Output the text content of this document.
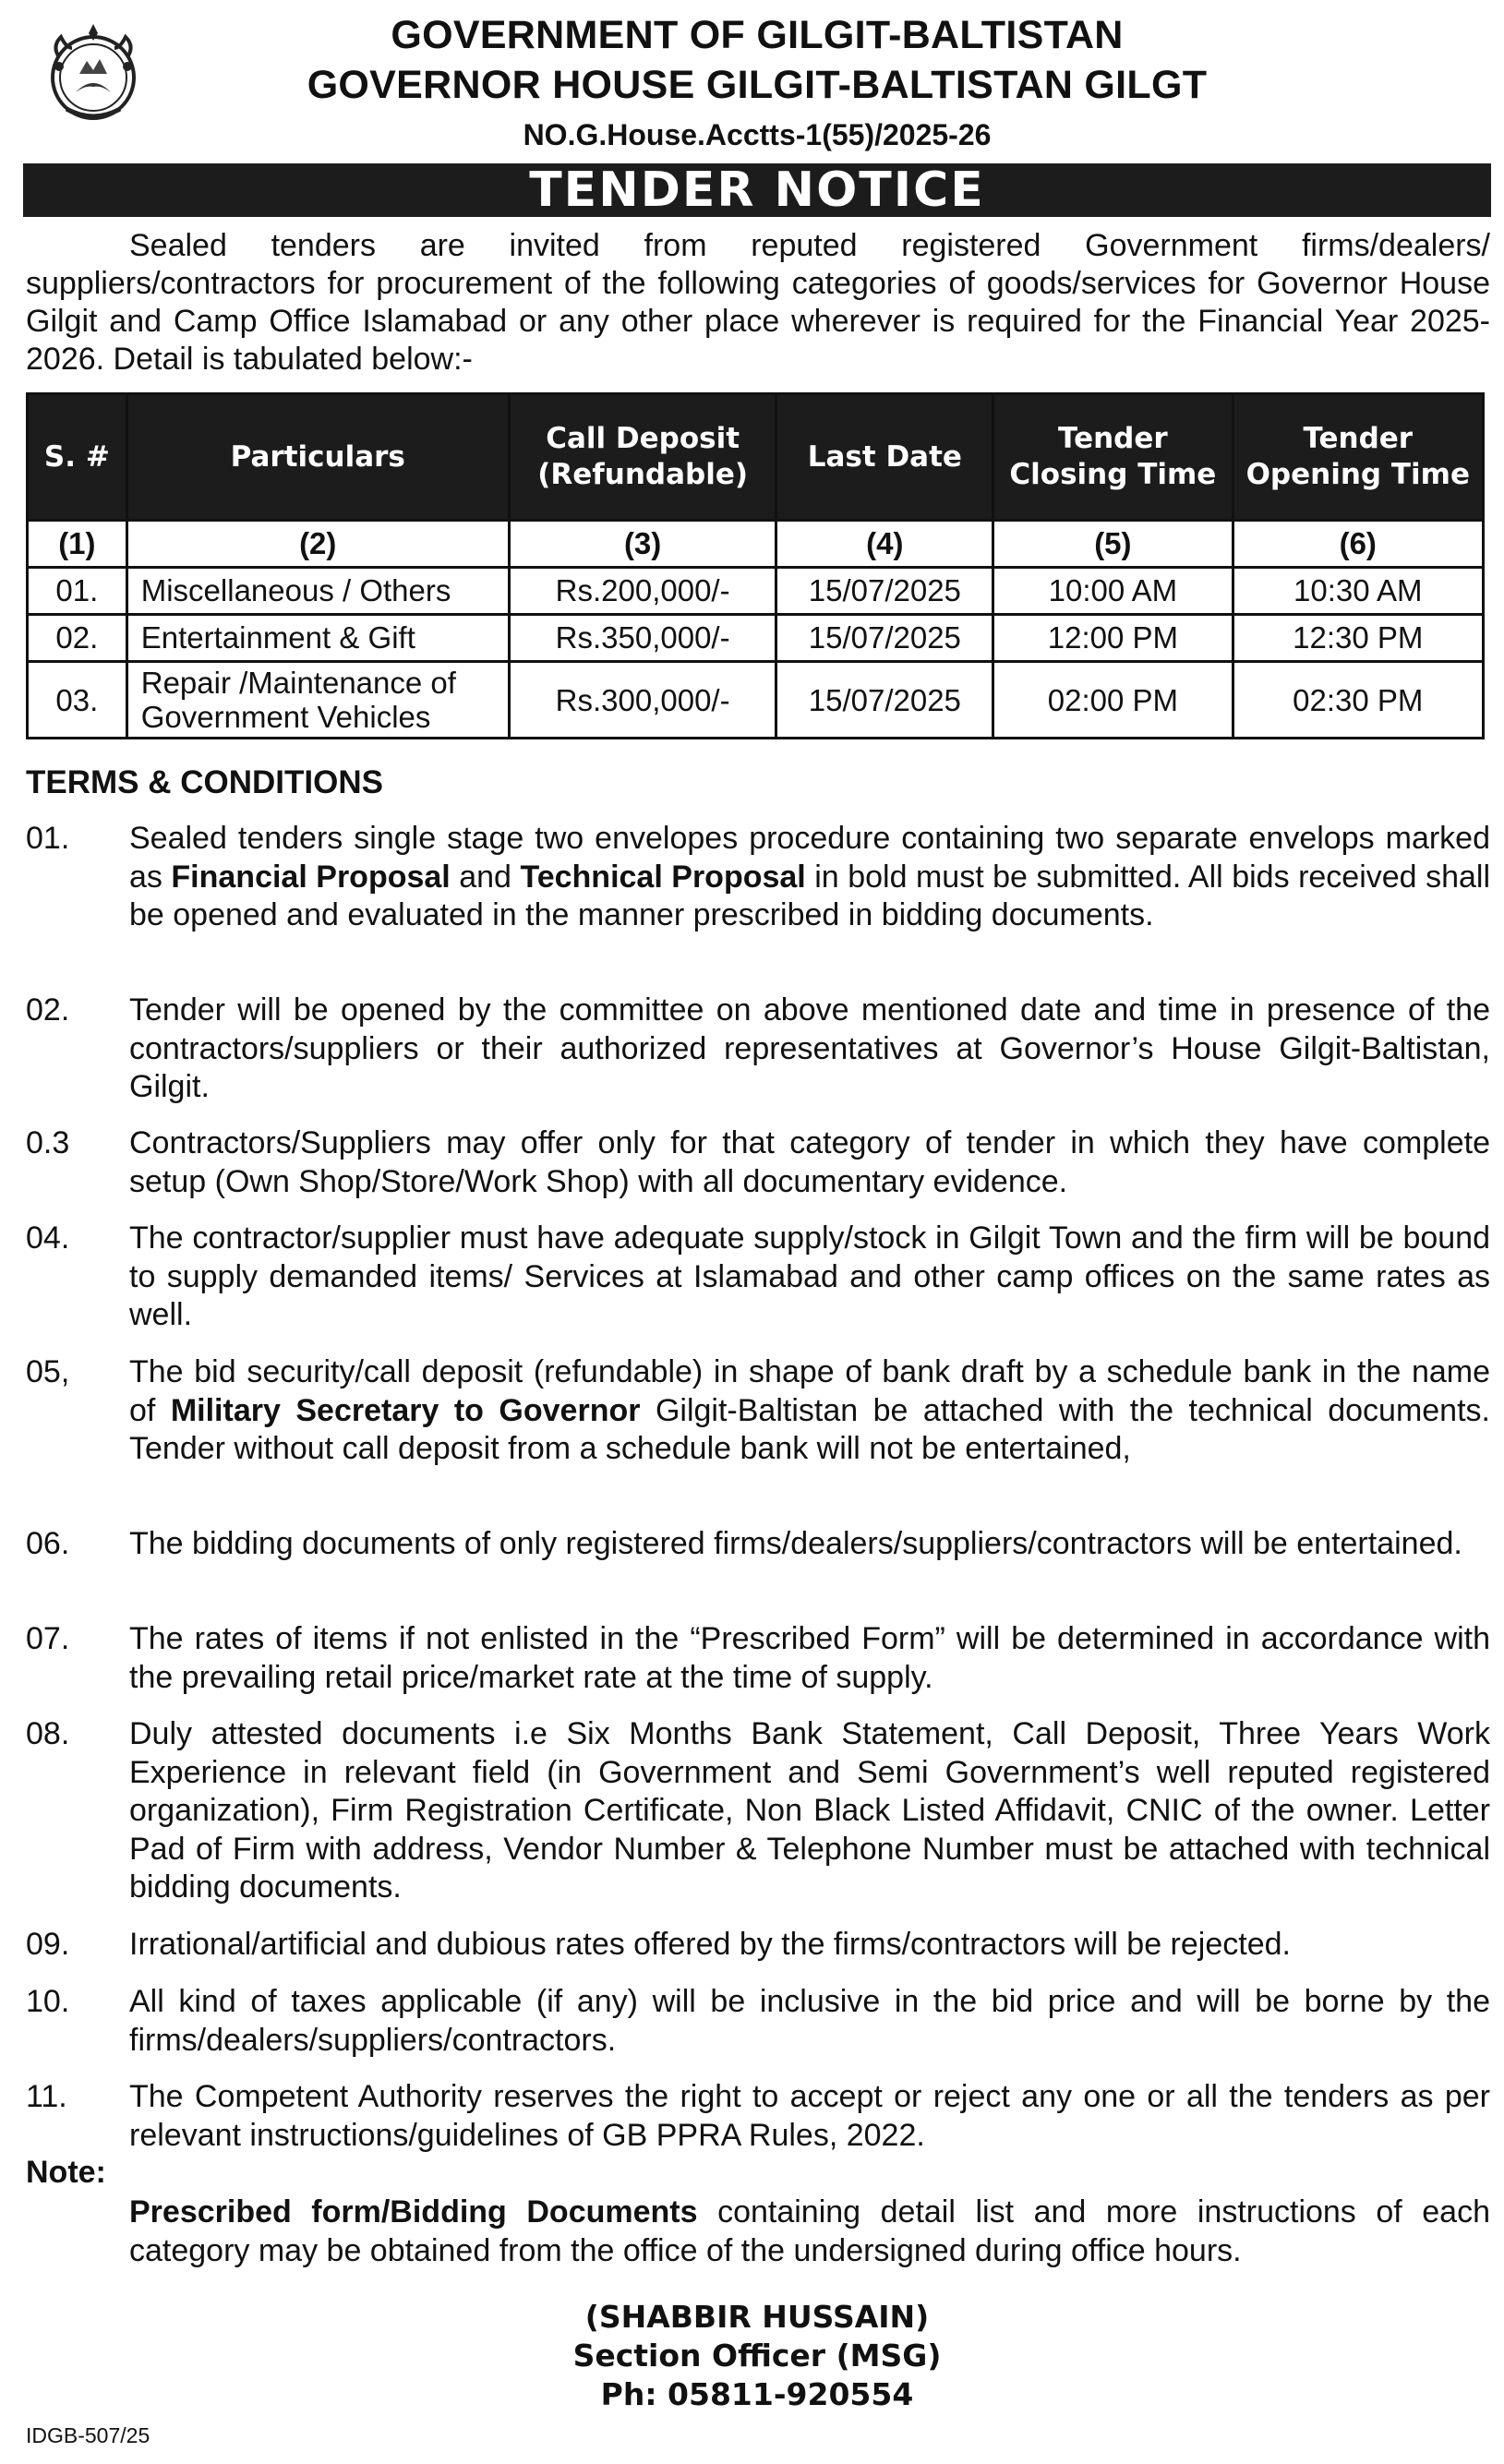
GOVERNMENT OF GILGIT-BALTISTAN
GOVERNOR HOUSE GILGIT-BALTISTAN GILGT
NO.G.House.Acctts-1(55)/2025-26
TENDER NOTICE
Sealed tenders are invited from reputed registered Government firms/dealers/ suppliers/contractors for procurement of the following categories of goods/services for Governor House Gilgit and Camp Office Islamabad or any other place wherever is required for the Financial Year 2025-2026. Detail is tabulated below:-
S. #	Particulars	Call Deposit (Refundable)	Last Date	Tender Closing Time	Tender Opening Time
(1)	(2)	(3)	(4)	(5)	(6)
01.	Miscellaneous / Others	Rs.200,000/-	15/07/2025	10:00 AM	10:30 AM
02.	Entertainment & Gift	Rs.350,000/-	15/07/2025	12:00 PM	12:30 PM
03.	Repair /Maintenance of Government Vehicles	Rs.300,000/-	15/07/2025	02:00 PM	02:30 PM
TERMS & CONDITIONS
01.	Sealed tenders single stage two envelopes procedure containing two separate envelops marked as Financial Proposal and Technical Proposal in bold must be submitted. All bids received shall be opened and evaluated in the manner prescribed in bidding documents.
02.	Tender will be opened by the committee on above mentioned date and time in presence of the contractors/suppliers or their authorized representatives at Governor’s House Gilgit-Baltistan, Gilgit.
0.3	Contractors/Suppliers may offer only for that category of tender in which they have complete setup (Own Shop/Store/Work Shop) with all documentary evidence.
04.	The contractor/supplier must have adequate supply/stock in Gilgit Town and the firm will be bound to supply demanded items/ Services at Islamabad and other camp offices on the same rates as well.
05,	The bid security/call deposit (refundable) in shape of bank draft by a schedule bank in the name of Military Secretary to Governor Gilgit-Baltistan be attached with the technical documents. Tender without call deposit from a schedule bank will not be entertained,
06.	The bidding documents of only registered firms/dealers/suppliers/contractors will be entertained.
07.	The rates of items if not enlisted in the “Prescribed Form” will be determined in accordance with the prevailing retail price/market rate at the time of supply.
08.	Duly attested documents i.e Six Months Bank Statement, Call Deposit, Three Years Work Experience in relevant field (in Government and Semi Government’s well reputed registered organization), Firm Registration Certificate, Non Black Listed Affidavit, CNIC of the owner. Letter Pad of Firm with address, Vendor Number & Telephone Number must be attached with technical bidding documents.
09.	Irrational/artificial and dubious rates offered by the firms/contractors will be rejected.
10.	All kind of taxes applicable (if any) will be inclusive in the bid price and will be borne by the firms/dealers/suppliers/contractors.
11.	The Competent Authority reserves the right to accept or reject any one or all the tenders as per relevant instructions/guidelines of GB PPRA Rules, 2022.
Note:
Prescribed form/Bidding Documents containing detail list and more instructions of each category may be obtained from the office of the undersigned during office hours.
(SHABBIR HUSSAIN)
Section Officer (MSG)
Ph: 05811-920554
IDGB-507/25
